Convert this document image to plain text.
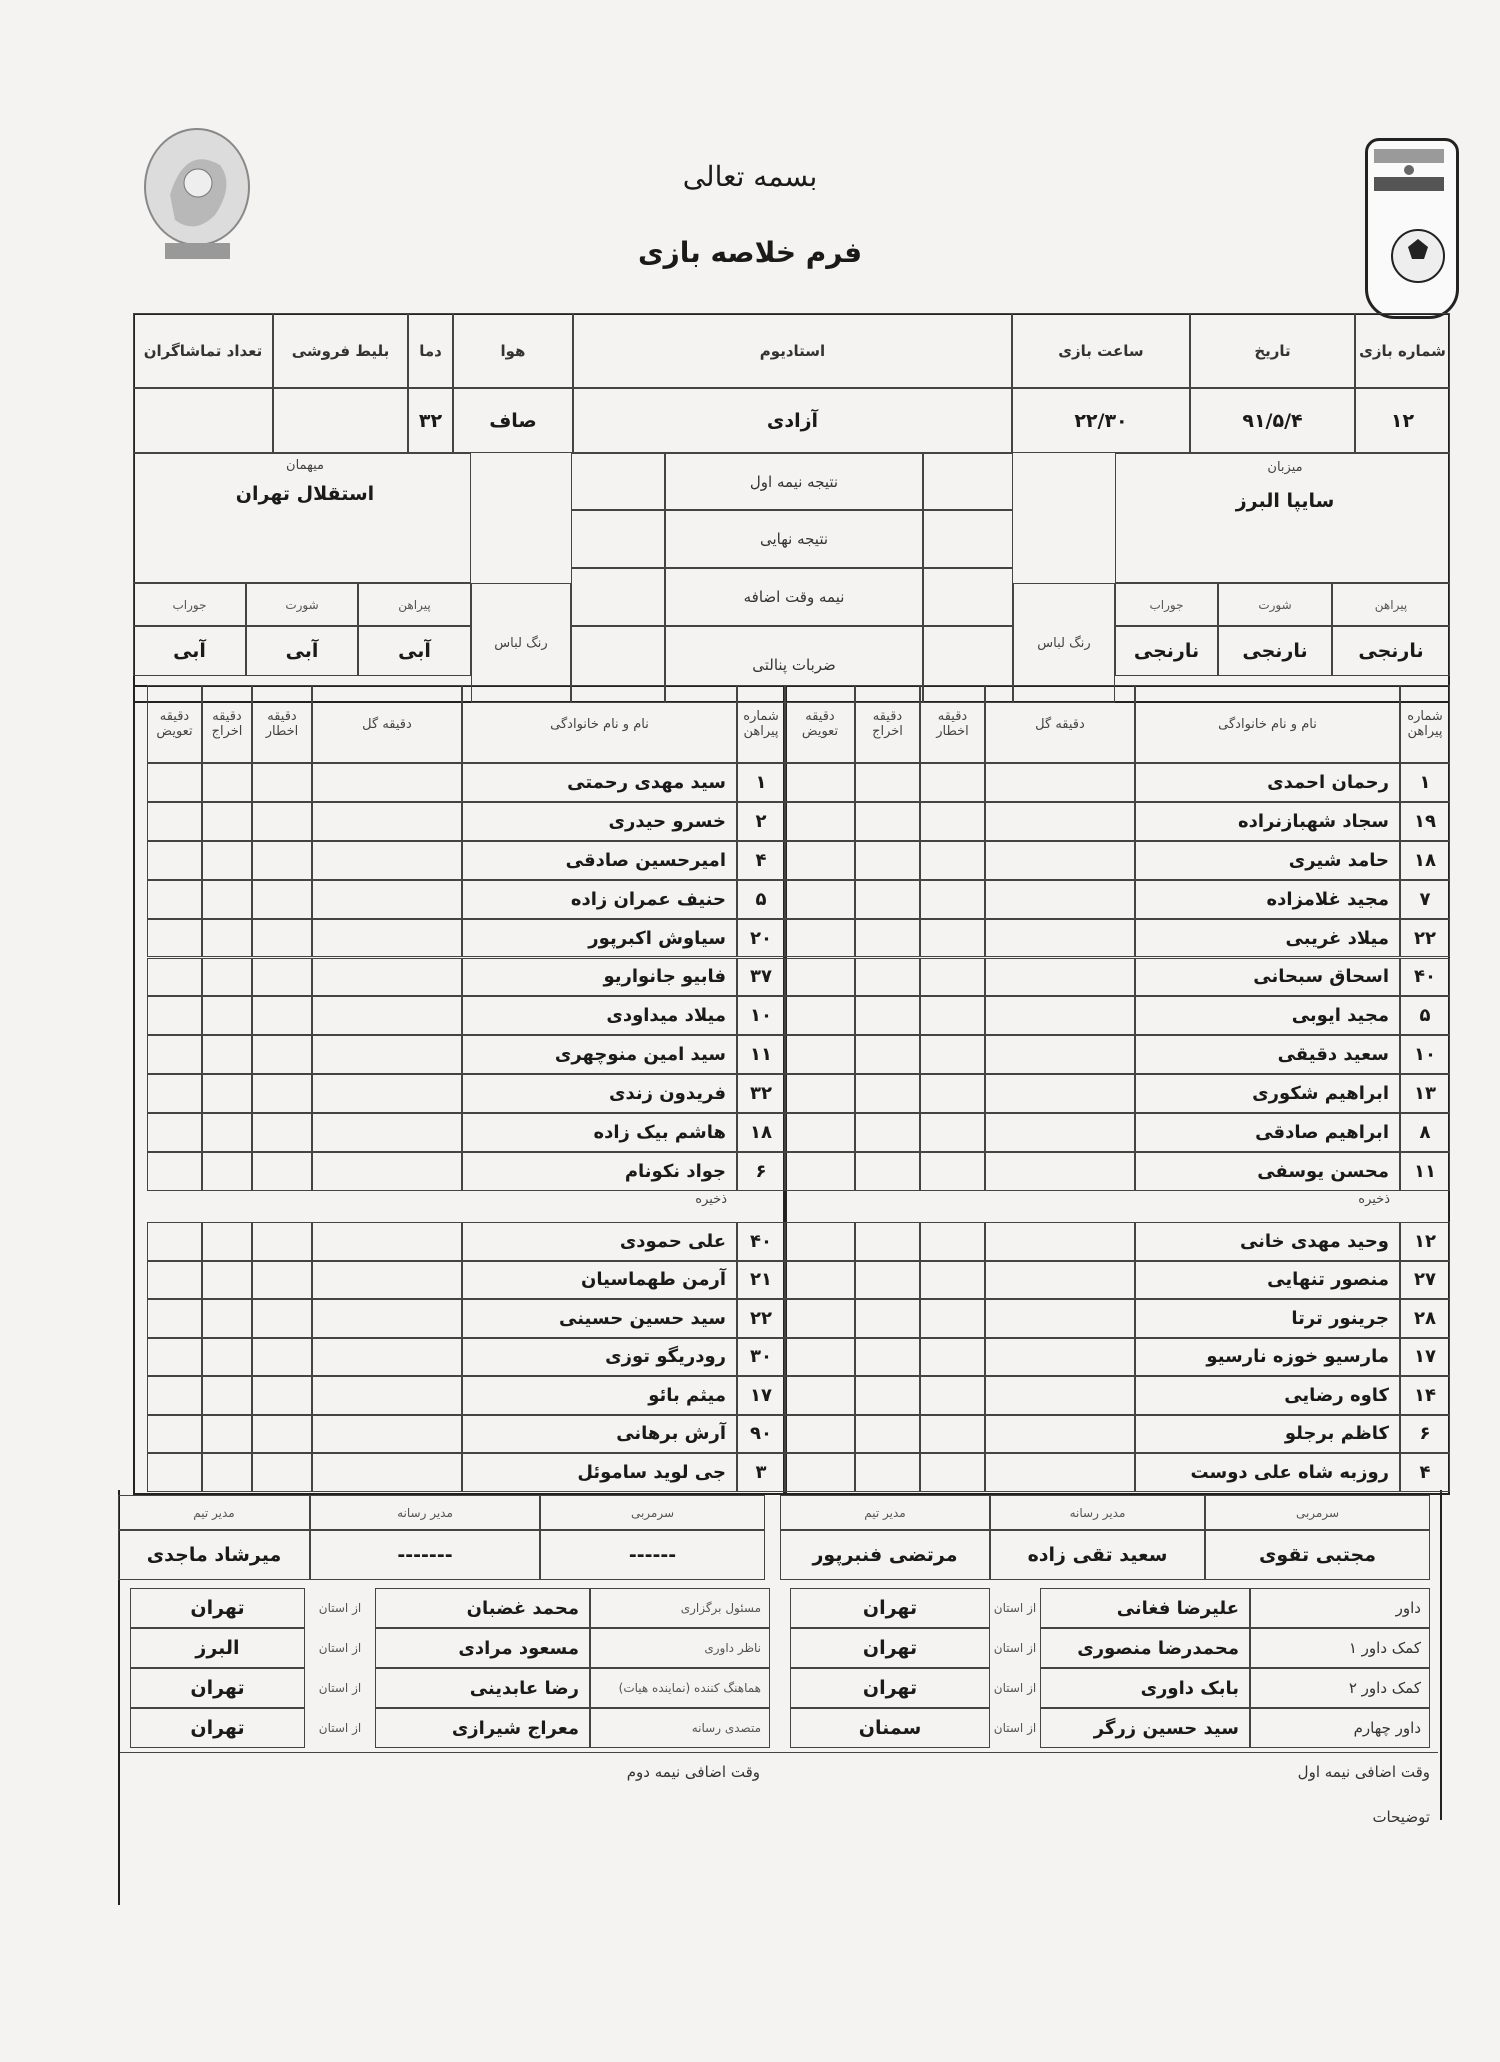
بسمه تعالی
فرم خلاصه بازی
وقت اضافی نیمه اول
وقت اضافی نیمه دوم
توضیحات
شماره بازی
۱۲
تاریخ
۹۱/۵/۴
ساعت بازی
۲۲/۳۰
استادیوم
آزادی
هوا
صاف
دما
۳۲
بلیط فروشی
تعداد تماشاگران
میزبان
سایپا البرز
میهمان
استقلال تهران
نتیجه نیمه اول
نتیجه نهایی
نیمه وقت اضافه
ضربات پنالتی
رنگ لباس
رنگ لباس
پیراهن
نارنجی
پیراهن
آبی
شورت
نارنجی
شورت
آبی
جوراب
نارنجی
جوراب
آبی
شماره پیراهن
نام و نام خانوادگی
دقیقه گل
دقیقه اخطار
دقیقه اخراج
دقیقه تعویض
۱
رحمان احمدی
۱۹
سجاد شهبازنراده
۱۸
حامد شیری
۷
مجید غلامزاده
۲۲
میلاد غریبی
۴۰
اسحاق سبحانی
۵
مجید ایوبی
۱۰
سعید دقیقی
۱۳
ابراهیم شکوری
۸
ابراهیم صادقی
۱۱
محسن یوسفی
ذخیره
۱۲
وحید مهدی خانی
۲۷
منصور تنهایی
۲۸
جرینور ترتا
۱۷
مارسیو خوزه نارسیو
۱۴
کاوه رضایی
۶
کاظم برجلو
۴
روزبه شاه علی دوست
شماره پیراهن
نام و نام خانوادگی
دقیقه گل
دقیقه اخطار
دقیقه اخراج
دقیقه تعویض
۱
سید مهدی رحمتی
۲
خسرو حیدری
۴
امیرحسین صادقی
۵
حنیف عمران زاده
۲۰
سیاوش اکبرپور
۳۷
فابیو جانواریو
۱۰
میلاد میداودی
۱۱
سید امین منوچهری
۳۲
فریدون زندی
۱۸
هاشم بیک زاده
۶
جواد نکونام
ذخیره
۴۰
علی حمودی
۲۱
آرمن طهماسیان
۲۲
سید حسین حسینی
۳۰
رودریگو توزی
۱۷
میثم بائو
۹۰
آرش برهانی
۳
جی لوید ساموئل
سرمربی
مجتبی تقوی
سرمربی
------
مدیر رسانه
سعید تقی زاده
مدیر رسانه
-------
مدیر تیم
مرتضی فنبرپور
مدیر تیم
میرشاد ماجدی
داور
علیرضا فغانی
از استان
تهران
کمک داور ۱
محمدرضا منصوری
از استان
تهران
کمک داور ۲
بابک داوری
از استان
تهران
داور چهارم
سید حسین زرگر
از استان
سمنان
مسئول برگزاری
محمد غضبان
از استان
تهران
ناظر داوری
مسعود مرادی
از استان
البرز
هماهنگ کننده (نماینده هیات)
رضا عابدینی
از استان
تهران
متصدی رسانه
معراج شیرازی
از استان
تهران
